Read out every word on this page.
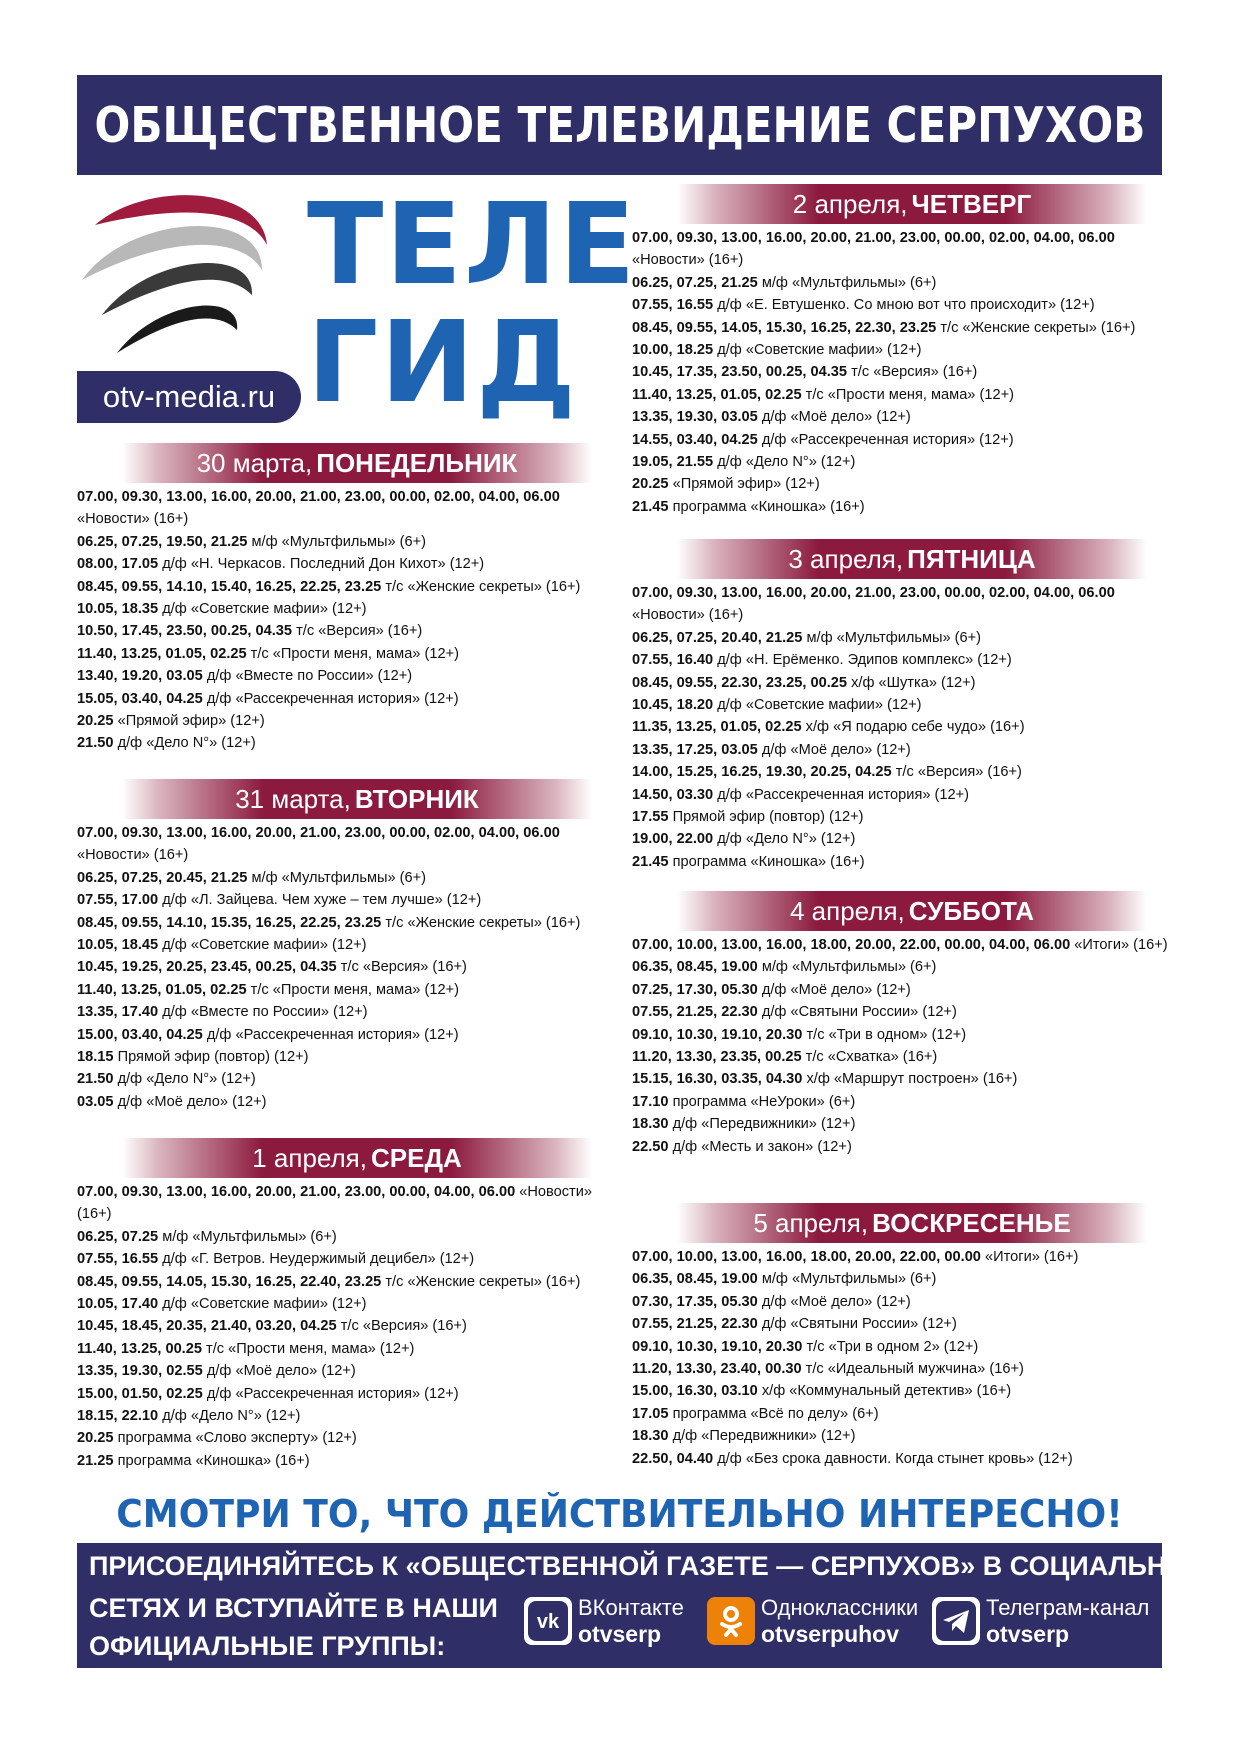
ОБЩЕСТВЕННОЕ ТЕЛЕВИДЕНИЕ СЕРПУХОВ
ТЕЛЕ
ГИД
otv-media.ru
30 марта, ПОНЕДЕЛЬНИК
07.00, 09.30, 13.00, 16.00, 20.00, 21.00, 23.00, 00.00, 02.00, 04.00, 06.00 «Новости» (16+)
06.25, 07.25, 19.50, 21.25 м/ф «Мультфильмы» (6+)
08.00, 17.05 д/ф «Н. Черкасов. Последний Дон Кихот» (12+)
08.45, 09.55, 14.10, 15.40, 16.25, 22.25, 23.25 т/с «Женские секреты» (16+)
10.05, 18.35 д/ф «Советские мафии» (12+)
10.50, 17.45, 23.50, 00.25, 04.35 т/с «Версия» (16+)
11.40, 13.25, 01.05, 02.25 т/с «Прости меня, мама» (12+)
13.40, 19.20, 03.05 д/ф «Вместе по России» (12+)
15.05, 03.40, 04.25 д/ф «Рассекреченная история» (12+)
20.25 «Прямой эфир» (12+)
21.50 д/ф «Дело N°» (12+)
31 марта, ВТОРНИК
07.00, 09.30, 13.00, 16.00, 20.00, 21.00, 23.00, 00.00, 02.00, 04.00, 06.00 «Новости» (16+)
06.25, 07.25, 20.45, 21.25 м/ф «Мультфильмы» (6+)
07.55, 17.00 д/ф «Л. Зайцева. Чем хуже – тем лучше» (12+)
08.45, 09.55, 14.10, 15.35, 16.25, 22.25, 23.25 т/с «Женские секреты» (16+)
10.05, 18.45 д/ф «Советские мафии» (12+)
10.45, 19.25, 20.25, 23.45, 00.25, 04.35 т/с «Версия» (16+)
11.40, 13.25, 01.05, 02.25 т/с «Прости меня, мама» (12+)
13.35, 17.40 д/ф «Вместе по России» (12+)
15.00, 03.40, 04.25 д/ф «Рассекреченная история» (12+)
18.15 Прямой эфир (повтор) (12+)
21.50 д/ф «Дело N°» (12+)
03.05 д/ф «Моё дело» (12+)
1 апреля, СРЕДА
07.00, 09.30, 13.00, 16.00, 20.00, 21.00, 23.00, 00.00, 04.00, 06.00 «Новости» (16+)
06.25, 07.25 м/ф «Мультфильмы» (6+)
07.55, 16.55 д/ф «Г. Ветров. Неудержимый децибел» (12+)
08.45, 09.55, 14.05, 15.30, 16.25, 22.40, 23.25 т/с «Женские секреты» (16+)
10.05, 17.40 д/ф «Советские мафии» (12+)
10.45, 18.45, 20.35, 21.40, 03.20, 04.25 т/с «Версия» (16+)
11.40, 13.25, 00.25 т/с «Прости меня, мама» (12+)
13.35, 19.30, 02.55 д/ф «Моё дело» (12+)
15.00, 01.50, 02.25 д/ф «Рассекреченная история» (12+)
18.15, 22.10 д/ф «Дело N°» (12+)
20.25 программа «Слово эксперту» (12+)
21.25 программа «Киношка» (16+)
2 апреля, ЧЕТВЕРГ
07.00, 09.30, 13.00, 16.00, 20.00, 21.00, 23.00, 00.00, 02.00, 04.00, 06.00 «Новости» (16+)
06.25, 07.25, 21.25 м/ф «Мультфильмы» (6+)
07.55, 16.55 д/ф «Е. Евтушенко. Со мною вот что происходит» (12+)
08.45, 09.55, 14.05, 15.30, 16.25, 22.30, 23.25 т/с «Женские секреты» (16+)
10.00, 18.25 д/ф «Советские мафии» (12+)
10.45, 17.35, 23.50, 00.25, 04.35 т/с «Версия» (16+)
11.40, 13.25, 01.05, 02.25 т/с «Прости меня, мама» (12+)
13.35, 19.30, 03.05 д/ф «Моё дело» (12+)
14.55, 03.40, 04.25 д/ф «Рассекреченная история» (12+)
19.05, 21.55 д/ф «Дело N°» (12+)
20.25 «Прямой эфир» (12+)
21.45 программа «Киношка» (16+)
3 апреля, ПЯТНИЦА
07.00, 09.30, 13.00, 16.00, 20.00, 21.00, 23.00, 00.00, 02.00, 04.00, 06.00 «Новости» (16+)
06.25, 07.25, 20.40, 21.25 м/ф «Мультфильмы» (6+)
07.55, 16.40 д/ф «Н. Ерёменко. Эдипов комплекс» (12+)
08.45, 09.55, 22.30, 23.25, 00.25 х/ф «Шутка» (12+)
10.45, 18.20 д/ф «Советские мафии» (12+)
11.35, 13.25, 01.05, 02.25 х/ф «Я подарю себе чудо» (16+)
13.35, 17.25, 03.05 д/ф «Моё дело» (12+)
14.00, 15.25, 16.25, 19.30, 20.25, 04.25 т/с «Версия» (16+)
14.50, 03.30 д/ф «Рассекреченная история» (12+)
17.55 Прямой эфир (повтор) (12+)
19.00, 22.00 д/ф «Дело N°» (12+)
21.45 программа «Киношка» (16+)
4 апреля, СУББОТА
07.00, 10.00, 13.00, 16.00, 18.00, 20.00, 22.00, 00.00, 04.00, 06.00 «Итоги» (16+)
06.35, 08.45, 19.00 м/ф «Мультфильмы» (6+)
07.25, 17.30, 05.30 д/ф «Моё дело» (12+)
07.55, 21.25, 22.30 д/ф «Святыни России» (12+)
09.10, 10.30, 19.10, 20.30 т/с «Три в одном» (12+)
11.20, 13.30, 23.35, 00.25 т/с «Схватка» (16+)
15.15, 16.30, 03.35, 04.30 х/ф «Маршрут построен» (16+)
17.10 программа «НеУроки» (6+)
18.30 д/ф «Передвижники» (12+)
22.50 д/ф «Месть и закон» (12+)
5 апреля, ВОСКРЕСЕНЬЕ
07.00, 10.00, 13.00, 16.00, 18.00, 20.00, 22.00, 00.00 «Итоги» (16+)
06.35, 08.45, 19.00 м/ф «Мультфильмы» (6+)
07.30, 17.35, 05.30 д/ф «Моё дело» (12+)
07.55, 21.25, 22.30 д/ф «Святыни России» (12+)
09.10, 10.30, 19.10, 20.30 т/с «Три в одном 2» (12+)
11.20, 13.30, 23.40, 00.30 т/с «Идеальный мужчина» (16+)
15.00, 16.30, 03.10 х/ф «Коммунальный детектив» (16+)
17.05 программа «Всё по делу» (6+)
18.30 д/ф «Передвижники» (12+)
22.50, 04.40 д/ф «Без срока давности. Когда стынет кровь» (12+)
СМОТРИ ТО, ЧТО ДЕЙСТВИТЕЛЬНО ИНТЕРЕСНО!
ПРИСОЕДИНЯЙТЕСЬ К «ОБЩЕСТВЕННОЙ ГАЗЕТЕ — СЕРПУХОВ» В СОЦИАЛЬНЫХ
СЕТЯХ И ВСТУПАЙТЕ В НАШИ ОФИЦИАЛЬНЫЕ ГРУППЫ:
vk
ВКонтакте
otvserp
Одноклассники
otvserpuhov
Телеграм-канал
otvserp
